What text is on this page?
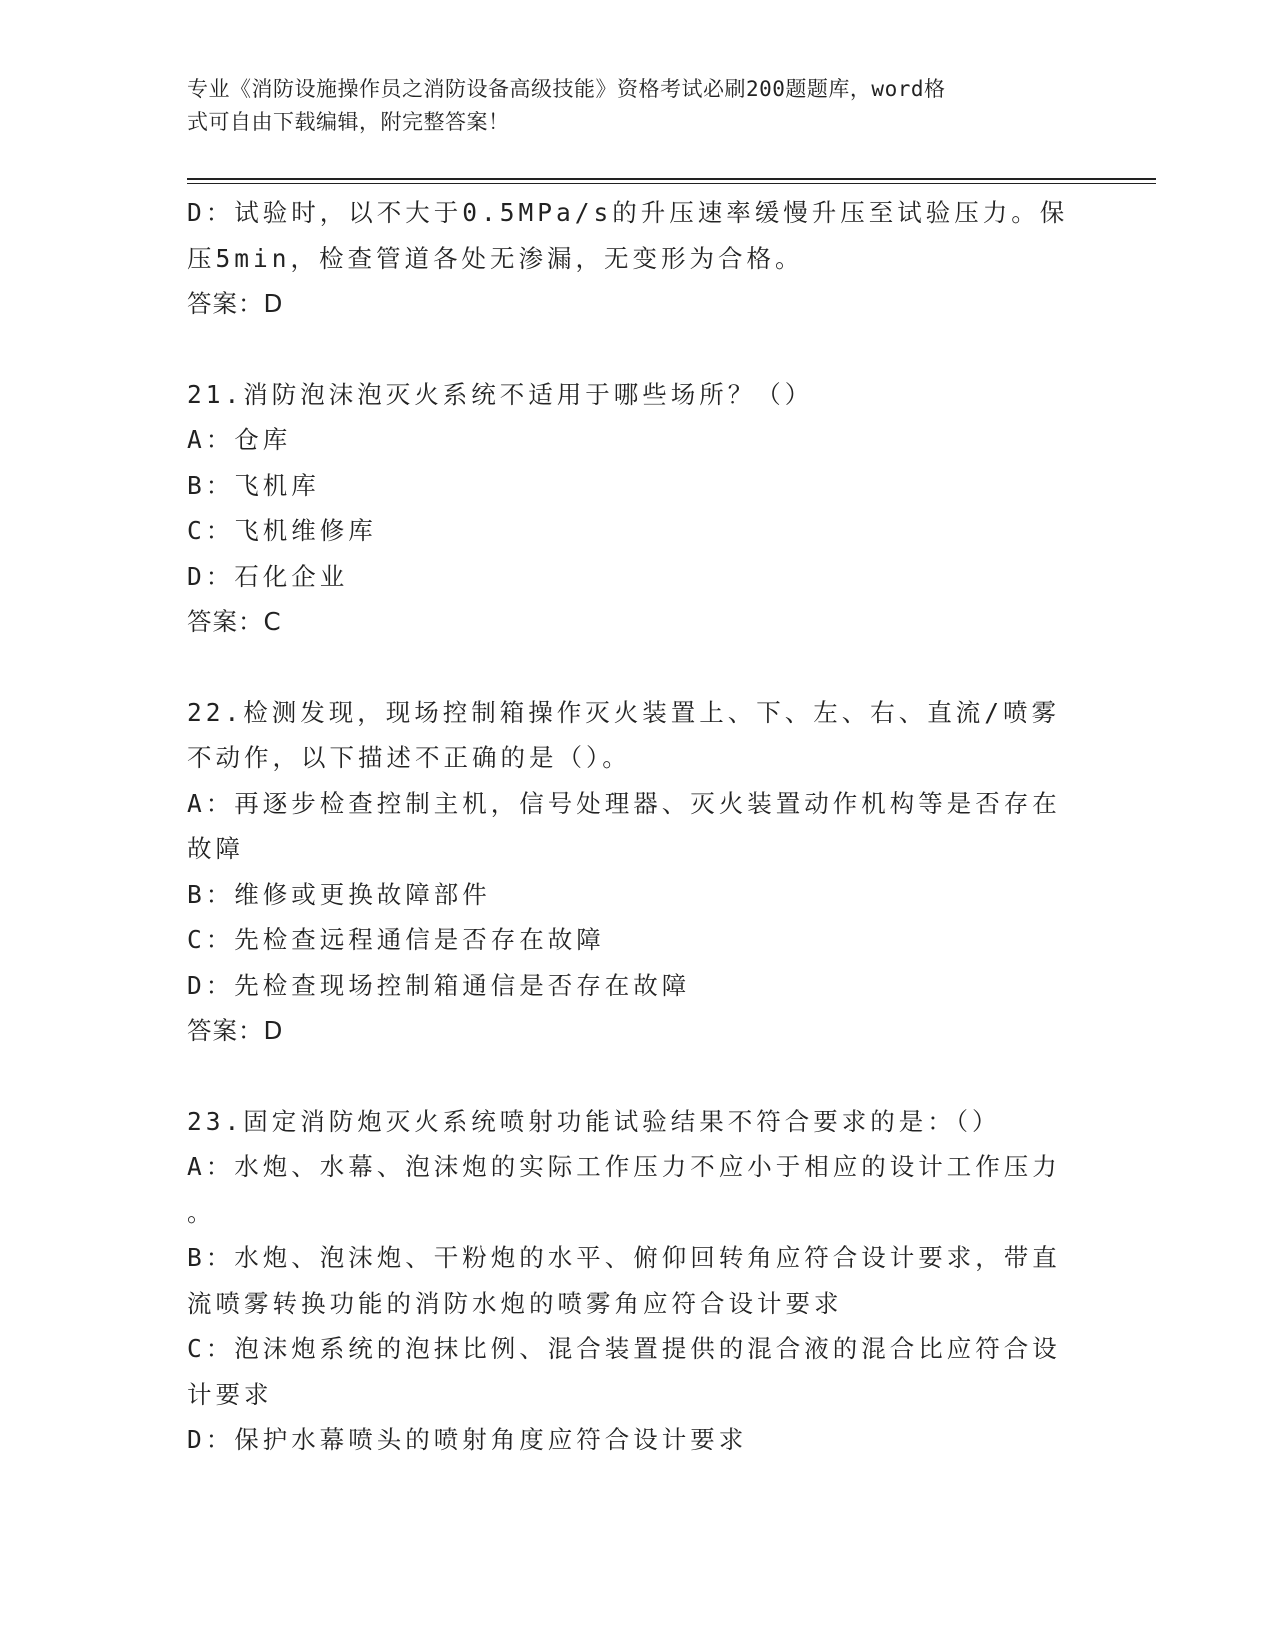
专业《消防设施操作员之消防设备高级技能》资格考试必刷200题题库，word格
式可自由下载编辑，附完整答案！
D：试验时，以不大于0.5MPa/s的升压速率缓慢升压至试验压力。保
压5min，检查管道各处无渗漏，无变形为合格。
答案：D
21.消防泡沫泡灭火系统不适用于哪些场所？（）
A：仓库
B：飞机库
C：飞机维修库
D：石化企业
答案：C
22.检测发现，现场控制箱操作灭火装置上、下、左、右、直流/喷雾
不动作，以下描述不正确的是（）。
A：再逐步检查控制主机，信号处理器、灭火装置动作机构等是否存在
故障
B：维修或更换故障部件
C：先检查远程通信是否存在故障
D：先检查现场控制箱通信是否存在故障
答案：D
23.固定消防炮灭火系统喷射功能试验结果不符合要求的是：（）
A：水炮、水幕、泡沫炮的实际工作压力不应小于相应的设计工作压力
。
B：水炮、泡沫炮、干粉炮的水平、俯仰回转角应符合设计要求，带直
流喷雾转换功能的消防水炮的喷雾角应符合设计要求
C：泡沫炮系统的泡抹比例、混合装置提供的混合液的混合比应符合设
计要求
D：保护水幕喷头的喷射角度应符合设计要求
